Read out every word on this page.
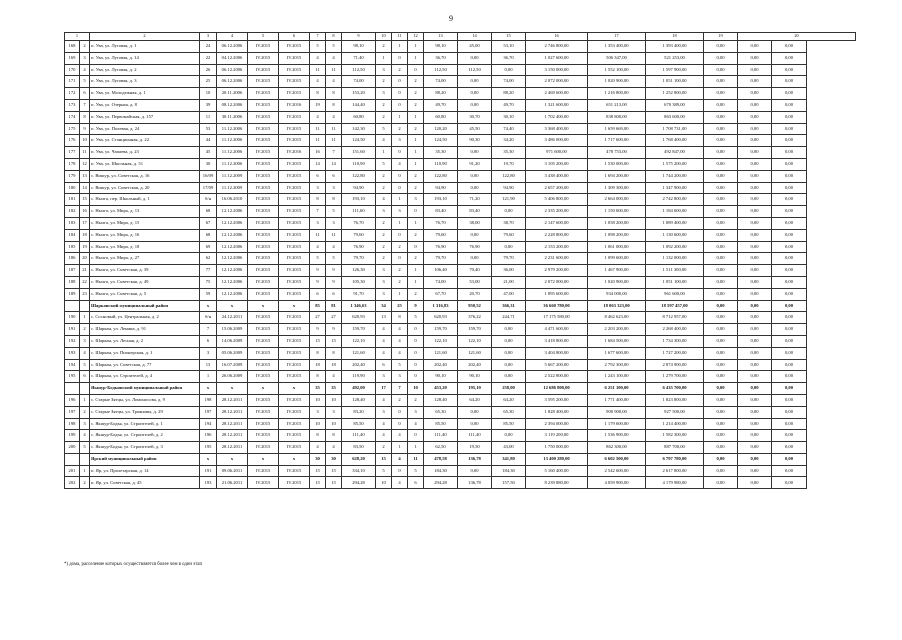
9
1		2	3	4	5	6	7	8	9	10	11	12	13	14	15	16	17	18	19	20	
168	2	п. Ува, ул. Луговая, д. 1	24	06.12.2006	IV.2015	IV.2015	5	5	98,10	2	1	1	98,10	45,00	53,10	2 746 800,00	1 353 400,00	1 393 400,00	0,00	0,00	0,00
169	3	п. Ува, ул. Луговая, д. 14	22	04.12.2006	IV.2015	IV.2015	4	4	71,40	1	0	1	36,70	0,00	36,70	1 027 600,00	506 347,00	521 253,00	0,00	0,00	0,00
170	4	п. Ува, ул. Луговая, д. 2	26	06.12.2006	IV.2015	IV.2015	11	11	112,50	3	2	0	112,50	112,50	0,00	3 150 000,00	1 552 100,00	1 597 900,00	0,00	0,00	0,00
171	5	п. Ува, ул. Луговая, д. 3	25	06.12.2006	IV.2015	IV.2015	4	4	74,00	2	0	2	74,00	0,00	74,00	2 072 000,00	1 020 900,00	1 051 100,00	0,00	0,00	0,00
172	6	п. Ува, ул. Молодежная, д. 1	10	20.11.2006	IV.2015	IV.2015	8	8	153,20	3	0	2	88,20	0,00	88,20	2 469 600,00	1 216 800,00	1 252 800,00	0,00	0,00	0,00
173	7	п. Ува, ул. Озерная, д. 8	39	08.12.2006	IV.2015	IV.2016	19	8	144,40	2	0	2	49,70	0,00	49,70	1 321 600,00	651 213,00	670 389,00	0,00	0,00	0,00
174	8	п. Ува, ул. Первомайская, д. 157	11	30.11.2006	IV.2015	IV.2015	4	4	60,80	2	1	1	60,80	30,70	30,10	1 702 400,00	838 800,00	863 600,00	0,00	0,00	0,00
175	9	п. Ува, ул. Полевая, д. 24	53	11.12.2006	IV.2015	IV.2015	11	11	142,30	5	2	2	120,20	45,50	74,40	3 368 400,00	1 659 669,00	1 708 731,00	0,00	0,00	0,00
176	10	п. Ува, ул. Станционная, д. 22	44	11.12.2006	IV.2015	IV.2015	11	11	124,50	4	3	1	124,50	90,30	34,20	3 486 000,00	1 717 600,00	1 768 400,00	0,00	0,00	0,00
177	11	п. Ува, ул. Чапаева, д. 23	45	11.12.2006	IV.2015	IV.2016	16	7	151,60	1	0	1	35,30	0,00	35,30	971 600,00	478 753,00	492 847,00	0,00	0,00	0,00
178	12	п. Ува, ул. Школьная, д. 51	30	11.12.2006	IV.2015	IV.2015	14	14	110,90	5	4	1	110,90	91,20	19,70	3 105 200,00	1 530 000,00	1 575 200,00	0,00	0,00	0,00
179	13	с. Вишур, ул. Советская, д. 16	16/09	11.12.2009	IV.2015	IV.2015	6	6	122,80	2	0	2	122,80	0,00	122,80	3 438 400,00	1 694 200,00	1 744 200,00	0,00	0,00	0,00
180	14	с. Вишур, ул. Советская, д. 20	17/09	11.12.2009	IV.2015	IV.2015	3	3	94,90	2	0	2	94,90	0,00	94,90	2 657 200,00	1 309 300,00	1 347 900,00	0,00	0,00	0,00
181	15	с. Нылга, пер. Школьный, д. 1	б/н	16.06.2010	IV.2015	IV.2015	8	8	193,10	4	1	3	193,10	71,20	121,90	5 406 800,00	2 664 000,00	2 742 800,00	0,00	0,00	0,00
182	16	с. Нылга, ул. Мира, д. 13	68	12.12.2006	IV.2015	IV.2015	7	5	111,60	3	3	0	83,40	83,40	0,00	2 335 200,00	1 150 600,00	1 184 600,00	0,00	0,00	0,00
183	17	с. Нылга, ул. Мира, д. 15	67	12.12.2006	IV.2015	IV.2015	3	3	76,70	2	1	1	76,70	38,00	38,70	2 147 600,00	1 058 200,00	1 089 400,00	0,00	0,00	0,00
184	18	с. Нылга, ул. Мира, д. 16	68	12.12.2006	IV.2015	IV.2015	11	11	79,60	2	0	2	79,60	0,00	79,60	2 228 800,00	1 098 200,00	1 130 600,00	0,00	0,00	0,00
185	19	с. Нылга, ул. Мира, д. 18	69	12.12.2006	IV.2015	IV.2015	4	4	76,90	2	2	0	76,90	76,90	0,00	2 153 200,00	1 061 000,00	1 092 200,00	0,00	0,00	0,00
186	20	с. Нылга, ул. Мира, д. 27	62	12.12.2006	IV.2015	IV.2015	5	5	79,70	2	0	2	79,70	0,00	79,70	2 231 600,00	1 099 600,00	1 132 000,00	0,00	0,00	0,00
187	21	с. Нылга, ул. Советская, д. 39	77	12.12.2006	IV.2015	IV.2015	9	9	126,30	3	2	1	106,40	70,40	36,00	2 979 200,00	1 467 900,00	1 511 300,00	0,00	0,00	0,00
188	22	с. Нылга, ул. Советская, д. 49	75	12.12.2006	IV.2015	IV.2015	9	9	105,30	3	2	1	74,00	53,00	21,00	2 072 000,00	1 020 900,00	1 051 100,00	0,00	0,00	0,00
189	23	с. Нылга, ул. Советская, д. 5	59	12.12.2006	IV.2015	IV.2015	6	6	91,70	3	1	2	67,70	20,70	47,00	1 895 600,00	934 000,00	961 600,00	0,00	0,00	0,00
		Шарканский муниципальный район	х	х	х	х	85	81	1 346,63	34	25	9	1 316,83	950,52	366,31	36 660 780,00	18 063 323,00	18 597 457,00	0,00	0,00	0,00
190	1	с. Сосновый, ул. Центральная, д. 2	б/н	24.12.2011	IV.2015	IV.2015	27	27	620,93	13	8	5	620,93	376,22	244,71	17 175 580,00	8 462 623,00	8 712 957,00	0,00	0,00	0,00
191	2	с. Шаркан, ул. Ленина, д. 91	7	15.06.2009	IV.2015	IV.2015	9	9	159,70	4	4	0	159,70	159,70	0,00	4 471 600,00	2 203 200,00	2 268 400,00	0,00	0,00	0,00
192	3	с. Шаркан, ул. Лесная, д. 2	6	14.06.2009	IV.2015	IV.2015	15	15	122,10	4	4	0	122,10	122,10	0,00	3 418 800,00	1 684 500,00	1 734 300,00	0,00	0,00	0,00
193	4	с. Шаркан, ул. Пионерская, д. 1	3	05.06.2009	IV.2015	IV.2015	8	8	121,60	4	4	0	121,60	121,60	0,00	3 404 800,00	1 677 600,00	1 727 200,00	0,00	0,00	0,00
194	5	с. Шаркан, ул. Советская, д. 77	13	16.07.2009	IV.2015	IV.2015	18	18	202,40	6	5	0	202,40	202,40	0,00	5 667 200,00	2 792 300,00	2 874 900,00	0,00	0,00	0,00
195	6	с. Шаркан, ул. Строителей, д. 4	1	26.06.2009	IV.2015	IV.2015	8	4	119,90	3	3	0	90,10	90,10	0,00	2 522 800,00	1 243 100,00	1 279 700,00	0,00	0,00	0,00
		Якшур-Бодьинский муниципальный район	х	х	х	х	35	35	492,00	17	7	10	453,20	195,10	258,00	12 686 800,00	6 251 100,00	6 435 700,00	0,00	0,00	0,00
196	1	с. Старые Зятцы, ул. Ломоносова, д. 9	198	28.12.2011	IV.2015	IV.2015	10	10	128,40	4	2	2	128,40	64,20	64,20	3 595 200,00	1 771 400,00	1 823 800,00	0,00	0,00	0,00
197	2	с. Старые Зятцы, ул. Трояновы, д. 29	197	28.12.2011	IV.2015	IV.2015	3	3	83,20	3	0	3	65,30	0,00	65,30	1 828 400,00	900 900,00	927 500,00	0,00	0,00	0,00
198	3	с. Якшур-Бодья, ул. Строителей, д. 1	194	28.12.2011	IV.2015	IV.2015	10	10	85,50	4	0	4	85,50	0,00	85,50	2 394 000,00	1 179 600,00	1 214 400,00	0,00	0,00	0,00
199	4	с. Якшур-Бодья, ул. Строителей, д. 2	196	28.12.2011	IV.2015	IV.2015	8	8	111,40	4	4	0	111,40	111,40	0,00	3 119 200,00	1 536 900,00	1 582 300,00	0,00	0,00	0,00
200	5	с. Якшур-Бодья, ул. Строителей, д. 3	195	28.12.2011	IV.2015	IV.2015	4	4	83,50	2	1	1	62,50	19,50	43,00	1 750 000,00	862 300,00	887 700,00	0,00	0,00	0,00
		Ярский муниципальный район	х	х	х	х	30	30	628,20	15	4	11	478,58	136,78	341,80	13 400 280,00	6 602 500,00	6 797 780,00	0,00	0,00	0,00
201	1	п. Яр, ул. Пролетарская, д. 14	191	09.06.2011	IV.2015	IV.2015	15	15	334,10	5	0	5	184,30	0,00	184,30	5 160 400,00	2 542 600,00	2 617 800,00	0,00	0,00	0,00
202	2	п. Яр, ул. Советская, д. 45	193	21.06.2011	IV.2015	IV.2015	15	15	294,28	10	4	6	294,28	136,78	157,50	8 239 880,00	4 059 900,00	4 179 980,00	0,00	0,00	0,00
*) дома, расселение которых осуществляется более чем в один этап
